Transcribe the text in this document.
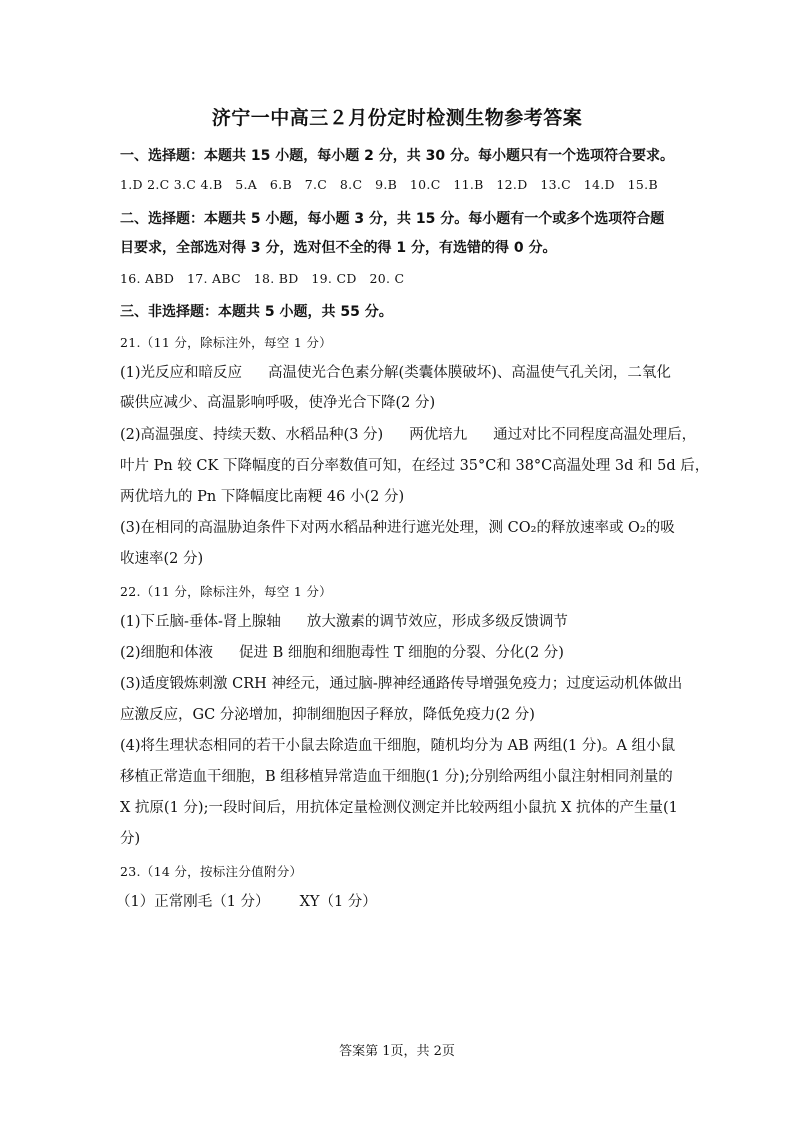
济宁一中高三２月份定时检测生物参考答案
一、选择题：本题共 15 小题，每小题 2 分，共 30 分。每小题只有一个选项符合要求。
1.D 2.C 3.C 4.B　5.A　6.B　7.C　8.C　9.B　10.C　11.B　12.D　13.C　14.D　15.B
二、选择题：本题共 5 小题，每小题 3 分，共 15 分。每小题有一个或多个选项符合题
目要求，全部选对得 3 分，选对但不全的得 1 分，有选错的得 0 分。
16. ABD　17. ABC　18. BD　19. CD　20. C
三、非选择题：本题共 5 小题，共 55 分。
21.（11 分，除标注外，每空 1 分）
(1)光反应和暗反应 高温使光合色素分解(类囊体膜破坏)、高温使气孔关闭，二氧化
碳供应减少、高温影响呼吸，使净光合下降(2 分)
(2)高温强度、持续天数、水稻品种(3 分) 两优培九 通过对比不同程度高温处理后，
叶片 Pn 较 CK 下降幅度的百分率数值可知，在经过 35°C和 38°C高温处理 3d 和 5d 后，
两优培九的 Pn 下降幅度比南粳 46 小(2 分)
(3)在相同的高温胁迫条件下对两水稻品种进行遮光处理，测 CO₂的释放速率或 O₂的吸
收速率(2 分)
22.（11 分，除标注外，每空 1 分）
(1)下丘脑-垂体-肾上腺轴 放大激素的调节效应，形成多级反馈调节
(2)细胞和体液 促进 B 细胞和细胞毒性 T 细胞的分裂、分化(2 分)
(3)适度锻炼刺激 CRH 神经元，通过脑-脾神经通路传导增强免疫力；过度运动机体做出
应激反应，GC 分泌增加，抑制细胞因子释放，降低免疫力(2 分)
(4)将生理状态相同的若干小鼠去除造血干细胞，随机均分为 AB 两组(1 分)。A 组小鼠
移植正常造血干细胞，B 组移植异常造血干细胞(1 分);分别给两组小鼠注射相同剂量的
X 抗原(1 分);一段时间后，用抗体定量检测仪测定并比较两组小鼠抗 X 抗体的产生量(1
分)
23.（14 分，按标注分值附分）
（1）正常刚毛（1 分） XY（1 分）
答案第 1页，共 2页
